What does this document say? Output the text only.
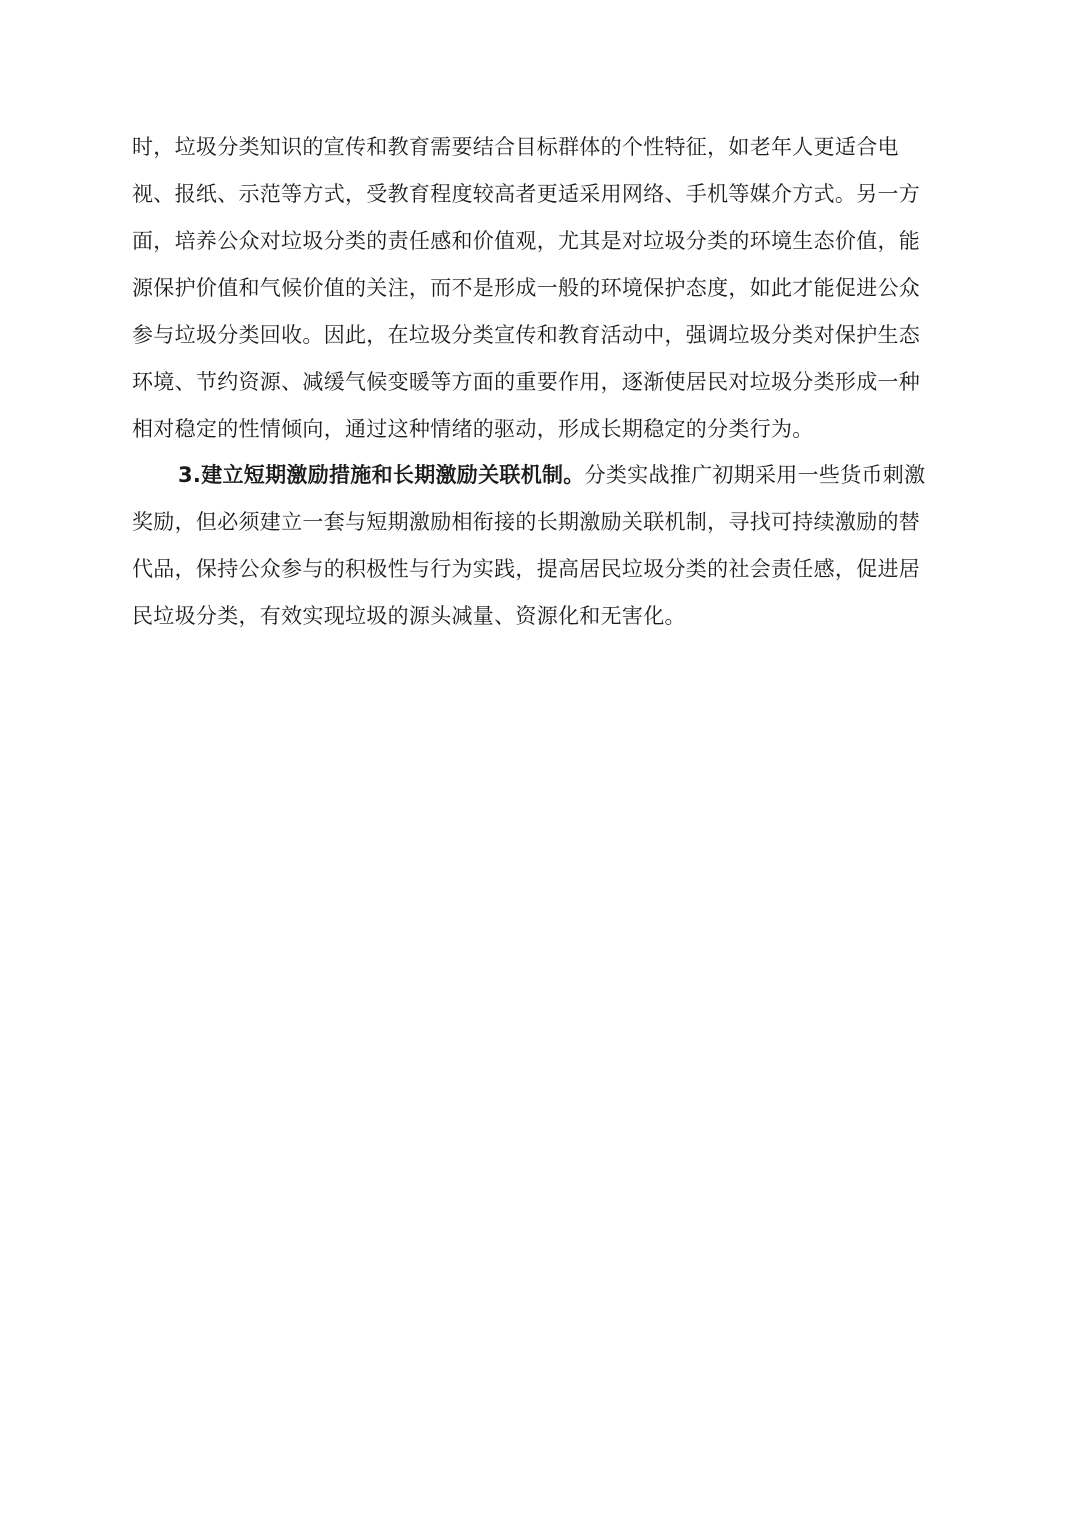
时，垃圾分类知识的宣传和教育需要结合目标群体的个性特征，如老年人更适合电
视、报纸、示范等方式，受教育程度较高者更适采用网络、手机等媒介方式。另一方
面，培养公众对垃圾分类的责任感和价值观，尤其是对垃圾分类的环境生态价值，能
源保护价值和气候价值的关注，而不是形成一般的环境保护态度，如此才能促进公众
参与垃圾分类回收。因此，在垃圾分类宣传和教育活动中，强调垃圾分类对保护生态
环境、节约资源、减缓气候变暖等方面的重要作用，逐渐使居民对垃圾分类形成一种
相对稳定的性情倾向，通过这种情绪的驱动，形成长期稳定的分类行为。
3.建立短期激励措施和长期激励关联机制。分类实战推广初期采用一些货币刺激
奖励，但必须建立一套与短期激励相衔接的长期激励关联机制，寻找可持续激励的替
代品，保持公众参与的积极性与行为实践，提高居民垃圾分类的社会责任感，促进居
民垃圾分类，有效实现垃圾的源头减量、资源化和无害化。
